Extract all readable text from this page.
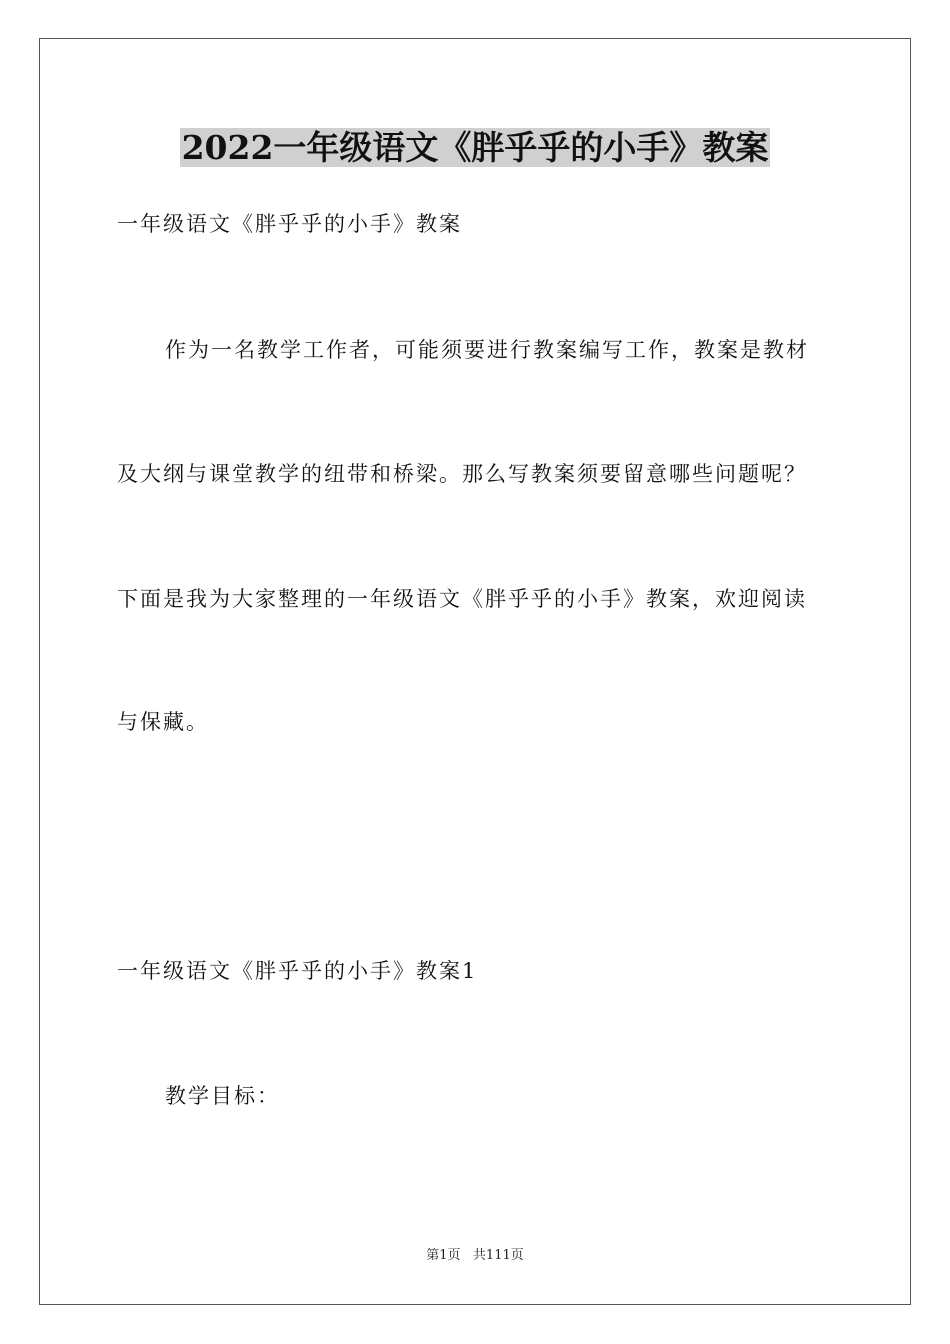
2022一年级语文《胖乎乎的小手》教案

一年级语文《胖乎乎的小手》教案

作为一名教学工作者，可能须要进行教案编写工作，教案是教材

及大纲与课堂教学的纽带和桥梁。那么写教案须要留意哪些问题呢？

下面是我为大家整理的一年级语文《胖乎乎的小手》教案，欢迎阅读

与保藏。

一年级语文《胖乎乎的小手》教案1

教学目标：

第1页 共111页
